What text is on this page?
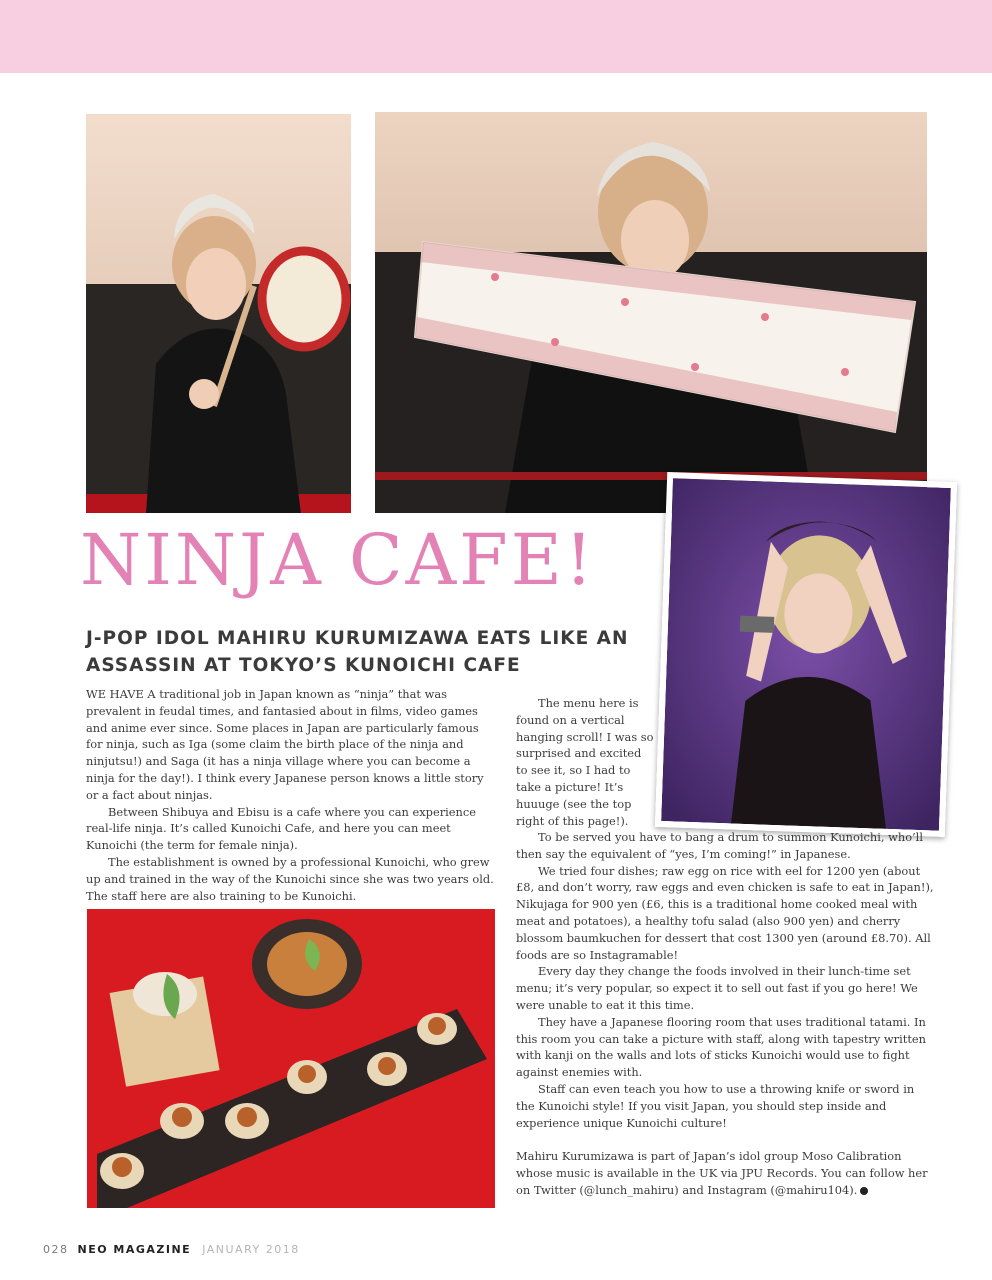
NINJA CAFE!
J-POP IDOL MAHIRU KURUMIZAWA EATS LIKE AN
ASSASSIN AT TOKYO’S KUNOICHI CAFE

WE HAVE A traditional job in Japan known as “ninja” that was prevalent in feudal times, and fantasied about in films, video games and anime ever since. Some places in Japan are particularly famous for ninja, such as Iga (some claim the birth place of the ninja and ninjutsu!) and Saga (it has a ninja village where you can become a ninja for the day!). I think every Japanese person knows a little story or a fact about ninjas.

Between Shibuya and Ebisu is a cafe where you can experience real-life ninja. It’s called Kunoichi Cafe, and here you can meet Kunoichi (the term for female ninja).

The establishment is owned by a professional Kunoichi, who grew up and trained in the way of the Kunoichi since she was two years old. The staff here are also training to be Kunoichi.

The menu here is found on a vertical hanging scroll! I was so surprised and excited to see it, so I had to take a picture! It’s huuuge (see the top right of this page!).

To be served you have to bang a drum to summon Kunoichi, who’ll then say the equivalent of “yes, I’m coming!” in Japanese.

We tried four dishes; raw egg on rice with eel for 1200 yen (about £8, and don’t worry, raw eggs and even chicken is safe to eat in Japan!), Nikujaga for 900 yen (£6, this is a traditional home cooked meal with meat and potatoes), a healthy tofu salad (also 900 yen) and cherry blossom baumkuchen for dessert that cost 1300 yen (around £8.70). All foods are so Instagramable!

Every day they change the foods involved in their lunch-time set menu; it’s very popular, so expect it to sell out fast if you go here! We were unable to eat it this time.

They have a Japanese flooring room that uses traditional tatami. In this room you can take a picture with staff, along with tapestry written with kanji on the walls and lots of sticks Kunoichi would use to fight against enemies with.

Staff can even teach you how to use a throwing knife or sword in the Kunoichi style! If you visit Japan, you should step inside and experience unique Kunoichi culture!

Mahiru Kurumizawa is part of Japan’s idol group Moso Calibration whose music is available in the UK via JPU Records. You can follow her on Twitter (@lunch_mahiru) and Instagram (@mahiru104).

028 NEO MAGAZINE JANUARY 2018
